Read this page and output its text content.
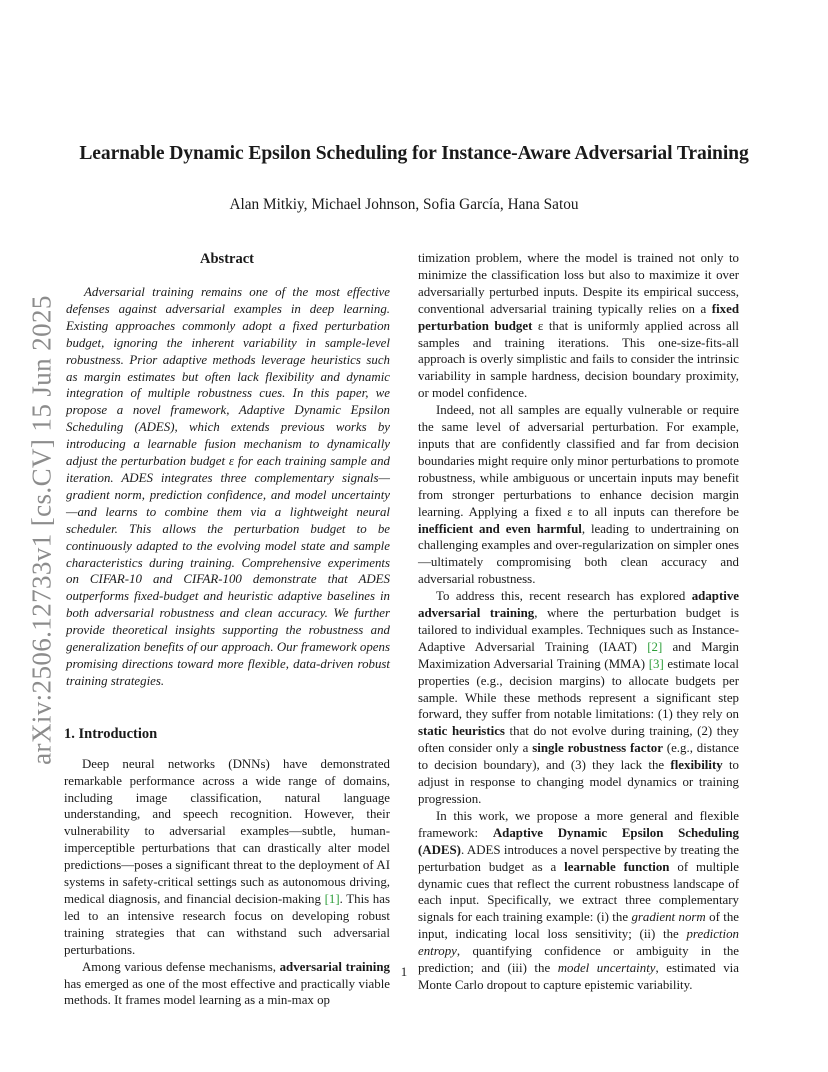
Learnable Dynamic Epsilon Scheduling for Instance-Aware Adversarial Training
Alan Mitkiy, Michael Johnson, Sofia García, Hana Satou
arXiv:2506.12733v1 [cs.CV] 15 Jun 2025
Abstract

Adversarial training remains one of the most effective defenses against adversarial examples in deep learning. Existing approaches commonly adopt a fixed perturbation budget, ignoring the inherent variability in sample-level robustness. Prior adaptive methods leverage heuristics such as margin estimates but often lack flexibility and dynamic integration of multiple robustness cues. In this paper, we propose a novel framework, Adaptive Dynamic Epsilon Scheduling (ADES), which extends previous works by introducing a learnable fusion mechanism to dynamically adjust the perturbation budget ε for each training sample and iteration. ADES integrates three complementary signals—gradient norm, prediction confidence, and model uncertainty—and learns to combine them via a lightweight neural scheduler. This allows the perturbation budget to be continuously adapted to the evolving model state and sample characteristics during training. Comprehensive experiments on CIFAR-10 and CIFAR-100 demonstrate that ADES outperforms fixed-budget and heuristic adaptive baselines in both adversarial robustness and clean accuracy. We further provide theoretical insights supporting the robustness and generalization benefits of our approach. Our framework opens promising directions toward more flexible, data-driven robust training strategies.

1. Introduction

Deep neural networks (DNNs) have demonstrated remarkable performance across a wide range of domains, including image classification, natural language understanding, and speech recognition. However, their vulnerability to adversarial examples—subtle, human-imperceptible perturbations that can drastically alter model predictions—poses a significant threat to the deployment of AI systems in safety-critical settings such as autonomous driving, medical diagnosis, and financial decision-making [1]. This has led to an intensive research focus on developing robust training strategies that can withstand such adversarial perturbations.

Among various defense mechanisms, adversarial training has emerged as one of the most effective and practically viable methods. It frames model learning as a min-max op

timization problem, where the model is trained not only to minimize the classification loss but also to maximize it over adversarially perturbed inputs. Despite its empirical success, conventional adversarial training typically relies on a fixed perturbation budget ε that is uniformly applied across all samples and training iterations. This one-size-fits-all approach is overly simplistic and fails to consider the intrinsic variability in sample hardness, decision boundary proximity, or model confidence.

Indeed, not all samples are equally vulnerable or require the same level of adversarial perturbation. For example, inputs that are confidently classified and far from decision boundaries might require only minor perturbations to promote robustness, while ambiguous or uncertain inputs may benefit from stronger perturbations to enhance decision margin learning. Applying a fixed ε to all inputs can therefore be inefficient and even harmful, leading to undertraining on challenging examples and over-regularization on simpler ones—ultimately compromising both clean accuracy and adversarial robustness.

To address this, recent research has explored adaptive adversarial training, where the perturbation budget is tailored to individual examples. Techniques such as Instance-Adaptive Adversarial Training (IAAT) [2] and Margin Maximization Adversarial Training (MMA) [3] estimate local properties (e.g., decision margins) to allocate budgets per sample. While these methods represent a significant step forward, they suffer from notable limitations: (1) they rely on static heuristics that do not evolve during training, (2) they often consider only a single robustness factor (e.g., distance to decision boundary), and (3) they lack the flexibility to adjust in response to changing model dynamics or training progression.

In this work, we propose a more general and flexible framework: Adaptive Dynamic Epsilon Scheduling (ADES). ADES introduces a novel perspective by treating the perturbation budget as a learnable function of multiple dynamic cues that reflect the current robustness landscape of each input. Specifically, we extract three complementary signals for each training example: (i) the gradient norm of the input, indicating local loss sensitivity; (ii) the prediction entropy, quantifying confidence or ambiguity in the prediction; and (iii) the model uncertainty, estimated via Monte Carlo dropout to capture epistemic variability.

1
